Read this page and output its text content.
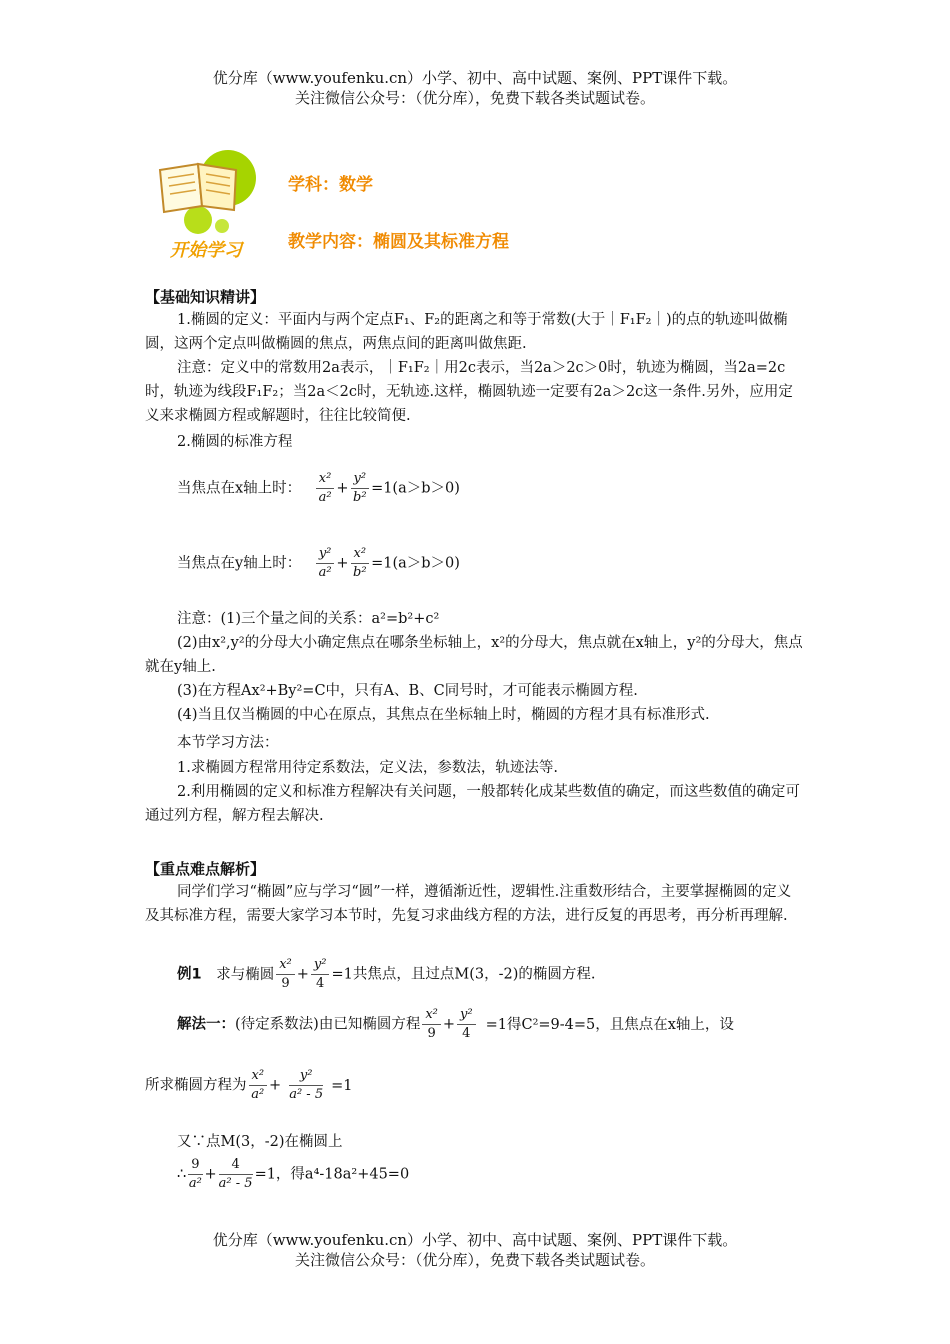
优分库（www.youfenku.cn）小学、初中、高中试题、案例、PPT课件下载。
关注微信公众号：（优分库），免费下载各类试题试卷。
开始学习
学科：数学
教学内容：椭圆及其标准方程
【基础知识精讲】
1.椭圆的定义：平面内与两个定点F₁、F₂的距离之和等于常数(大于｜F₁F₂｜)的点的轨迹叫做椭圆，这两个定点叫做椭圆的焦点，两焦点间的距离叫做焦距.
注意：定义中的常数用2a表示，｜F₁F₂｜用2c表示，当2a＞2c＞0时，轨迹为椭圆，当2a=2c时，轨迹为线段F₁F₂；当2a＜2c时，无轨迹.这样，椭圆轨迹一定要有2a＞2c这一条件.另外，应用定义来求椭圆方程或解题时，往往比较简便.
2.椭圆的标准方程
当焦点在x轴上时： $\frac{\text{x²}}{\text{a²}} + \frac{\text{y²}}{\text{b²}} =1(a>b>0)$
当焦点在y轴上时： $\frac{\text{y²}}{\text{a²}} + \frac{\text{x²}}{\text{b²}} =1(a>b>0)$
注意：(1)三个量之间的关系：a²=b²+c²
(2)由x²,y²的分母大小确定焦点在哪条坐标轴上，x²的分母大，焦点就在x轴上，y²的分母大，焦点就在y轴上.
(3)在方程Ax²+By²=C中，只有A、B、C同号时，才可能表示椭圆方程.
(4)当且仅当椭圆的中心在原点，其焦点在坐标轴上时，椭圆的方程才具有标准形式.
本节学习方法：
1.求椭圆方程常用待定系数法，定义法，参数法，轨迹法等.
2.利用椭圆的定义和标准方程解决有关问题，一般都转化成某些数值的确定，而这些数值的确定可通过列方程，解方程去解决.
【重点难点解析】
同学们学习“椭圆”应与学习“圆”一样，遵循渐近性，逻辑性.注重数形结合，主要掌握椭圆的定义及其标准方程，需要大家学习本节时，先复习求曲线方程的方法，进行反复的再思考，再分析再理解.
例1 求与椭圆 $\frac{\text{x²}}{9} + \frac{\text{y²}}{4} =1$共焦点，且过点M(3，-2)的椭圆方程.
解法一：(待定系数法)由已知椭圆方程 $\frac{\text{x²}}{9} + \frac{\text{y²}}{4} =1$得C²=9-4=5，且焦点在x轴上，设
所求椭圆方程为 $\frac{\text{x²}}{\text{a²}} + \frac{\text{y²}}{\text{a² - 5}} =1$
又∵点M(3，-2)在椭圆上
∴ $\frac{9}{\text{a²}} + \frac{4}{\text{a² - 5}} =1$，得a⁴-18a²+45=0
优分库（www.youfenku.cn）小学、初中、高中试题、案例、PPT课件下载。
关注微信公众号：（优分库），免费下载各类试题试卷。
